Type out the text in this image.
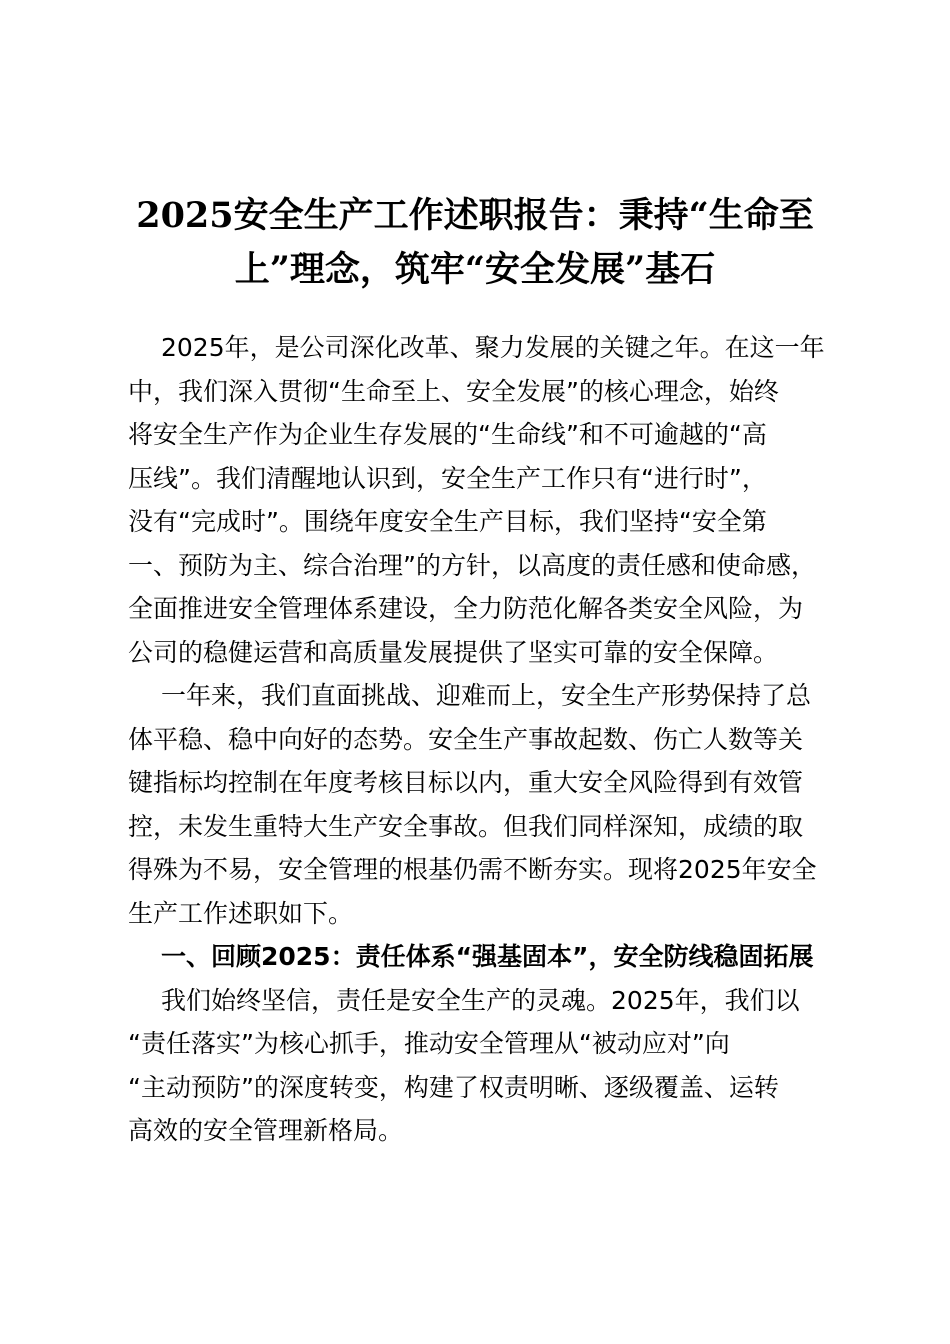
2025安全生产工作述职报告：秉持“生命至
上”理念，筑牢“安全发展”基石

2025年，是公司深化改革、聚力发展的关键之年。在这一年
中，我们深入贯彻“生命至上、安全发展”的核心理念，始终
将安全生产作为企业生存发展的“生命线”和不可逾越的“高
压线”。我们清醒地认识到，安全生产工作只有“进行时”，
没有“完成时”。围绕年度安全生产目标，我们坚持“安全第
一、预防为主、综合治理”的方针，以高度的责任感和使命感，
全面推进安全管理体系建设，全力防范化解各类安全风险，为
公司的稳健运营和高质量发展提供了坚实可靠的安全保障。

一年来，我们直面挑战、迎难而上，安全生产形势保持了总
体平稳、稳中向好的态势。安全生产事故起数、伤亡人数等关
键指标均控制在年度考核目标以内，重大安全风险得到有效管
控，未发生重特大生产安全事故。但我们同样深知，成绩的取
得殊为不易，安全管理的根基仍需不断夯实。现将2025年安全
生产工作述职如下。

一、回顾2025：责任体系“强基固本”，安全防线稳固拓展

我们始终坚信，责任是安全生产的灵魂。2025年，我们以
“责任落实”为核心抓手，推动安全管理从“被动应对”向
“主动预防”的深度转变，构建了权责明晰、逐级覆盖、运转
高效的安全管理新格局。
